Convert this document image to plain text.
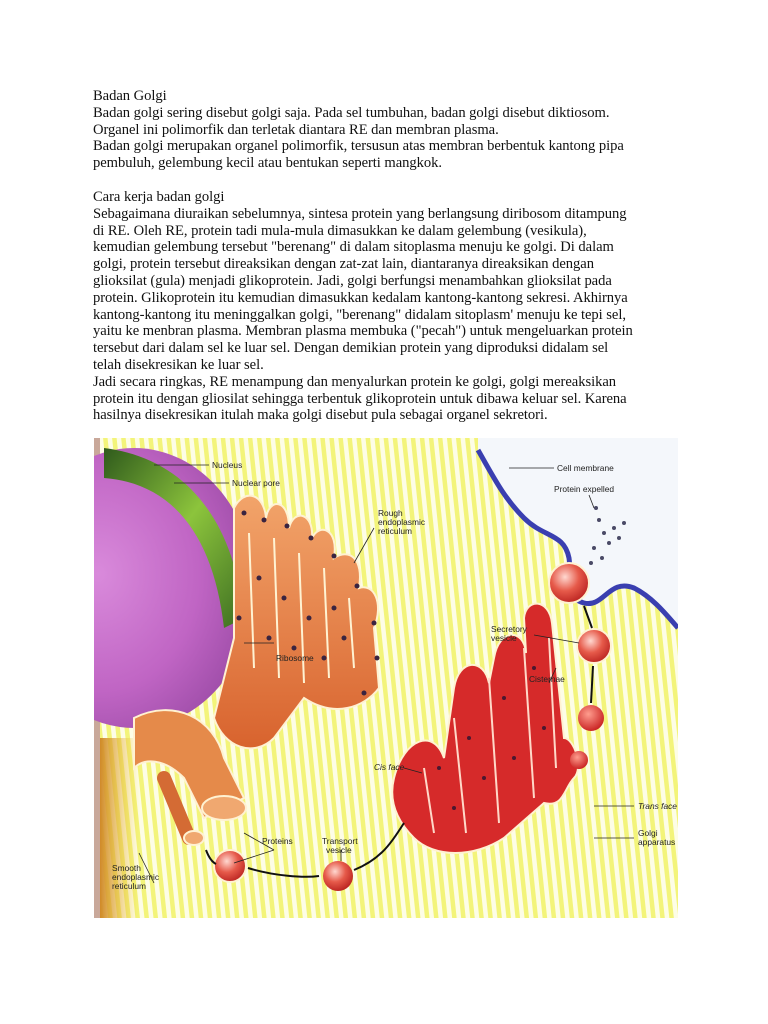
Badan Golgi

Badan golgi sering disebut golgi saja. Pada sel tumbuhan, badan golgi disebut diktiosom.

Organel ini polimorfik dan terletak diantara RE dan membran plasma.

Badan golgi merupakan organel polimorfik, tersusun atas membran berbentuk kantong pipa

pembuluh, gelembung kecil atau bentukan seperti mangkok.

Cara kerja badan golgi

Sebagaimana diuraikan sebelumnya, sintesa protein yang berlangsung diribosom ditampung

di RE. Oleh RE, protein tadi mula-mula dimasukkan ke dalam gelembung (vesikula),

kemudian gelembung tersebut "berenang" di dalam sitoplasma menuju ke golgi. Di dalam

golgi, protein tersebut direaksikan dengan zat-zat lain, diantaranya direaksikan dengan

glioksilat (gula) menjadi glikoprotein. Jadi, golgi berfungsi menambahkan glioksilat pada

protein. Glikoprotein itu kemudian dimasukkan kedalam kantong-kantong sekresi. Akhirnya

kantong-kantong itu meninggalkan golgi, "berenang" didalam sitoplasm' menuju ke tepi sel,

yaitu ke menbran plasma. Membran plasma membuka ("pecah") untuk mengeluarkan protein

tersebut dari dalam sel ke luar sel. Dengan demikian protein yang diproduksi didalam sel

telah disekresikan ke luar sel.

Jadi secara ringkas, RE menampung dan menyalurkan protein ke golgi, golgi mereaksikan

protein itu dengan gliosilat sehingga terbentuk glikoprotein untuk dibawa keluar sel. Karena

hasilnya disekresikan itulah maka golgi disebut pula sebagai organel sekretori.

Nucleus
Nuclear pore
Rough
endoplasmic
reticulum
Ribosome
Cell membrane
Protein expelled
Secretory
vesicle
Cisternae
Cis face
Trans face
Golgi
apparatus
Proteins	Transport
vesicle
Smooth
endoplasmic
reticulum
